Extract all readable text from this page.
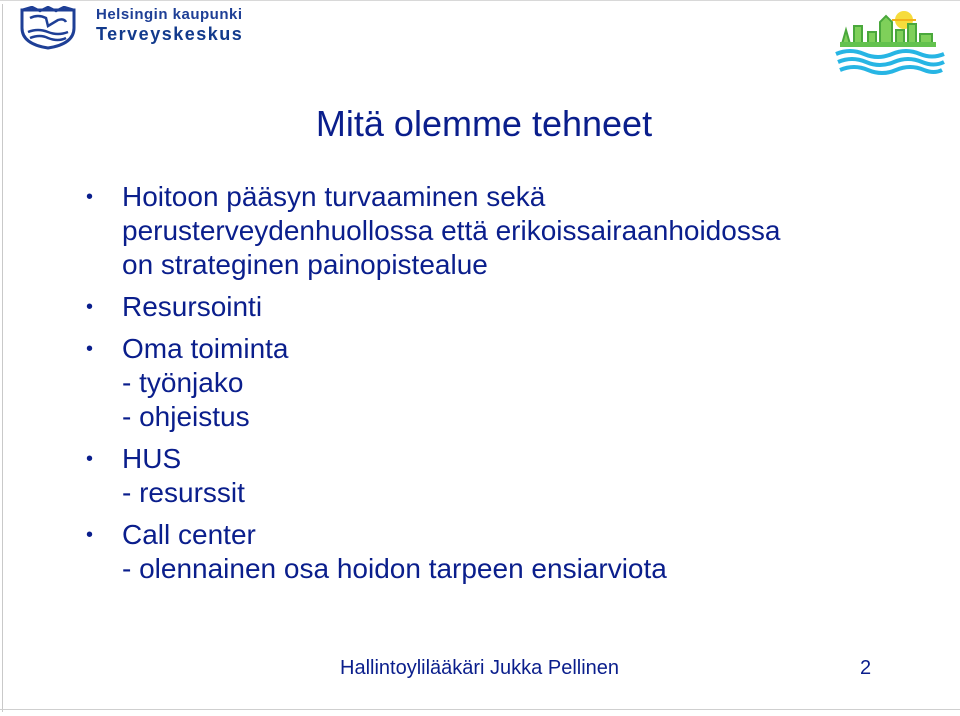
Helsingin kaupunki
Terveyskeskus
Mitä olemme tehneet
• Hoitoon pääsyn turvaaminen sekä
perusterveydenhuollossa että erikoissairaanhoidossa
on strateginen painopistealue
• Resursointi
• Oma toiminta
- työnjako
- ohjeistus
• HUS
- resurssit
• Call center
- olennainen osa hoidon tarpeen ensiarviota
Hallintoylilääkäri Jukka Pellinen	2
